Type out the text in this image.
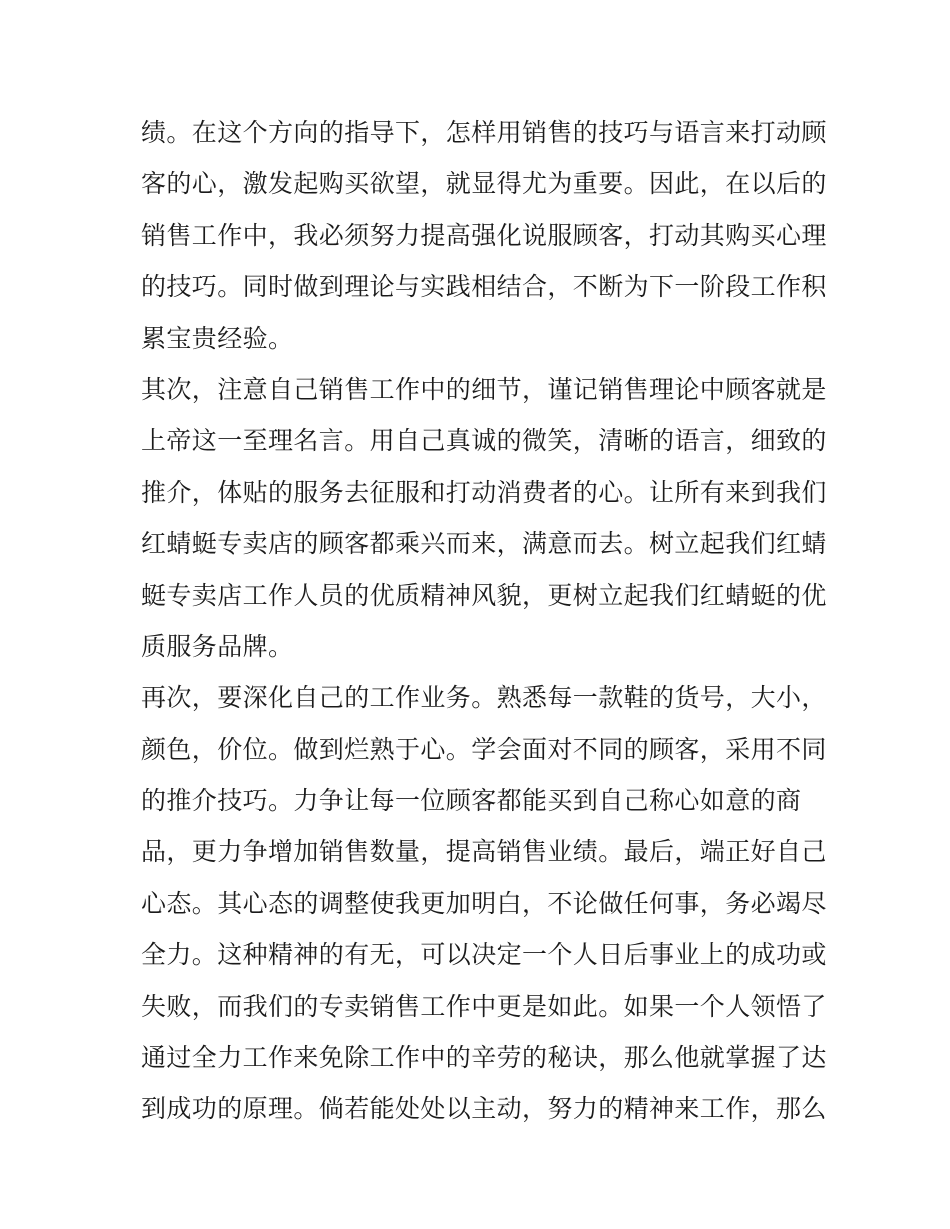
绩。在这个方向的指导下，怎样用销售的技巧与语言来打动顾
客的心，激发起购买欲望，就显得尤为重要。因此，在以后的
销售工作中，我必须努力提高强化说服顾客，打动其购买心理
的技巧。同时做到理论与实践相结合，不断为下一阶段工作积
累宝贵经验。
其次，注意自己销售工作中的细节，谨记销售理论中顾客就是
上帝这一至理名言。用自己真诚的微笑，清晰的语言，细致的
推介，体贴的服务去征服和打动消费者的心。让所有来到我们
红蜻蜓专卖店的顾客都乘兴而来，满意而去。树立起我们红蜻
蜓专卖店工作人员的优质精神风貌，更树立起我们红蜻蜓的优
质服务品牌。
再次，要深化自己的工作业务。熟悉每一款鞋的货号，大小，
颜色，价位。做到烂熟于心。学会面对不同的顾客，采用不同
的推介技巧。力争让每一位顾客都能买到自己称心如意的商
品，更力争增加销售数量，提高销售业绩。最后，端正好自己
心态。其心态的调整使我更加明白，不论做任何事，务必竭尽
全力。这种精神的有无，可以决定一个人日后事业上的成功或
失败，而我们的专卖销售工作中更是如此。如果一个人领悟了
通过全力工作来免除工作中的辛劳的秘诀，那么他就掌握了达
到成功的原理。倘若能处处以主动，努力的精神来工作，那么
